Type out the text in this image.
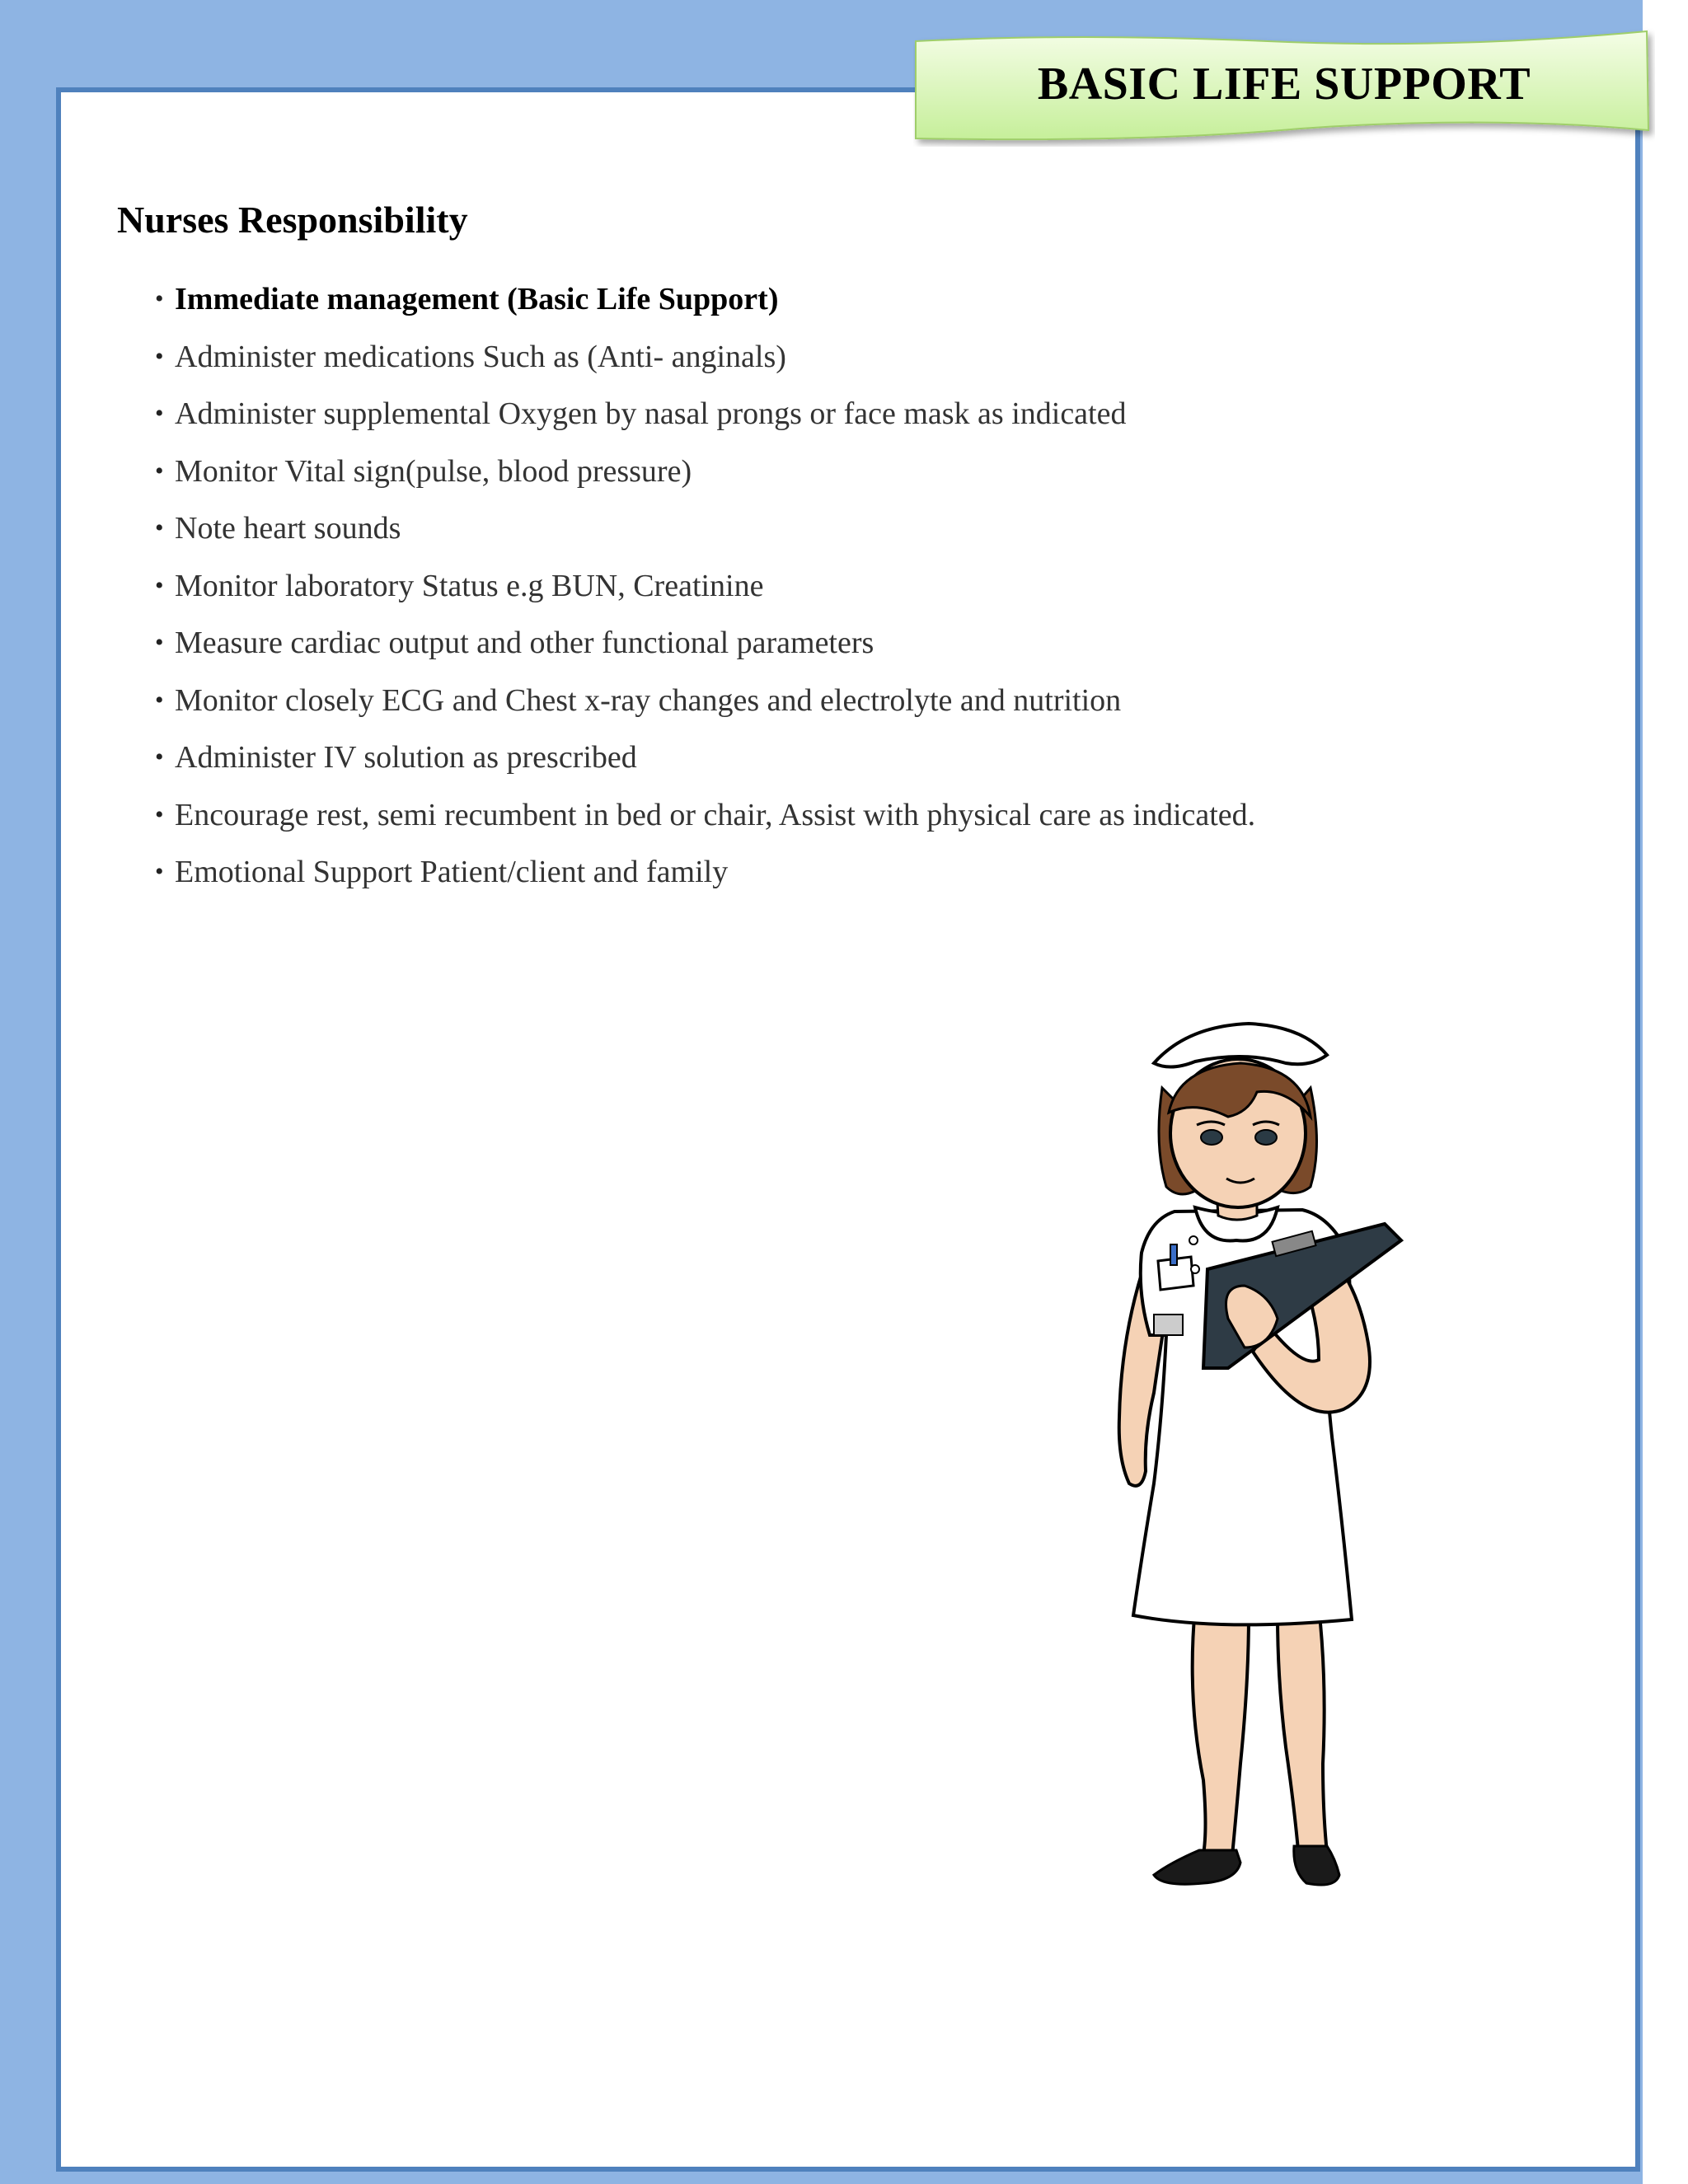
BASIC LIFE SUPPORT
Nurses Responsibility
• Immediate management (Basic Life Support)
• Administer medications Such as (Anti- anginals)
• Administer supplemental Oxygen by nasal prongs or face mask as indicated
• Monitor Vital sign(pulse, blood pressure)
• Note heart sounds
• Monitor laboratory Status e.g BUN, Creatinine
• Measure cardiac output and other functional parameters
• Monitor closely ECG and Chest x-ray changes and electrolyte and nutrition
• Administer IV solution as prescribed
• Encourage rest, semi recumbent in bed or chair, Assist with physical care as indicated.
• Emotional Support Patient/client and family
